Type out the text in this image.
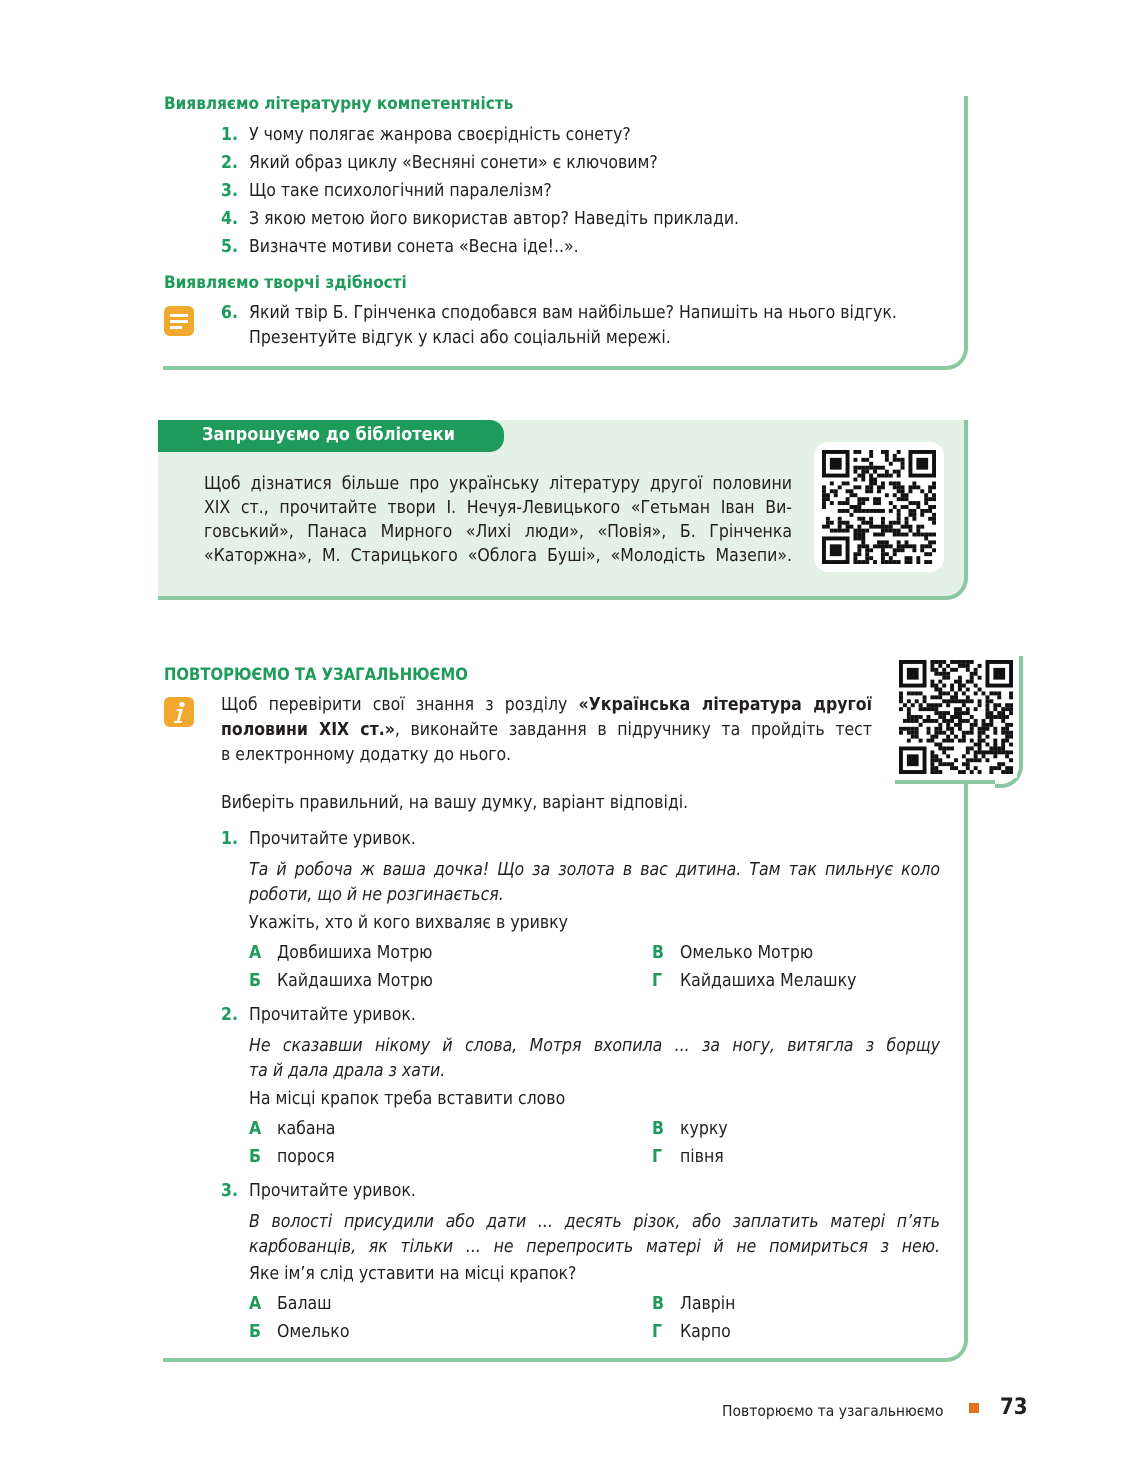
Виявляємо літературну компетентність
1. У чому полягає жанрова своєрідність сонету?
2. Який образ циклу «Весняні сонети» є ключовим?
3. Що таке психологічний паралелізм?
4. З якою метою його використав автор? Наведіть приклади.
5. Визначте мотиви сонета «Весна іде!..».
Виявляємо творчі здібності
6. Який твір Б. Грінченка сподобався вам найбільше? Напишіть на нього відгук.
Презентуйте відгук у класі або соціальній мережі.
Запрошуємо до бібліотеки
Щоб дізнатися більше про українську літературу другої половини
XIX ст., прочитайте твори І. Нечуя-Левицького «Гетьман Іван Ви-
говський», Панаса Мирного «Лихі люди», «Повія», Б. Грінченка
«Каторжна», М. Старицького «Облога Буші», «Молодість Мазепи».
ПОВТОРЮЄМО ТА УЗАГАЛЬНЮЄМО
Щоб перевірити свої знання з розділу «Українська література другої
половини XIX ст.», виконайте завдання в підручнику та пройдіть тест
в електронному додатку до нього.
Виберіть правильний, на вашу думку, варіант відповіді.
1. Прочитайте уривок.
Та й робоча ж ваша дочка! Що за золота в вас дитина. Там так пильнує коло
роботи, що й не розгинається.
Укажіть, хто й кого вихваляє в уривку
А Довбишиха Мотрю
Б Кайдашиха Мотрю
В Омелько Мотрю
Г Кайдашиха Мелашку
2. Прочитайте уривок.
Не сказавши нікому й слова, Мотря вхопила ... за ногу, витягла з борщу
та й дала драла з хати.
На місці крапок треба вставити слово
А кабана
Б порося
В курку
Г півня
3. Прочитайте уривок.
В волості присудили або дати ... десять різок, або заплатить матері п’ять
карбованців, як тільки ... не перепросить матері й не помириться з нею.
Яке ім’я слід уставити на місці крапок?
А Балаш
Б Омелько
В Лаврін
Г Карпо
Повторюємо та узагальнюємо	73
